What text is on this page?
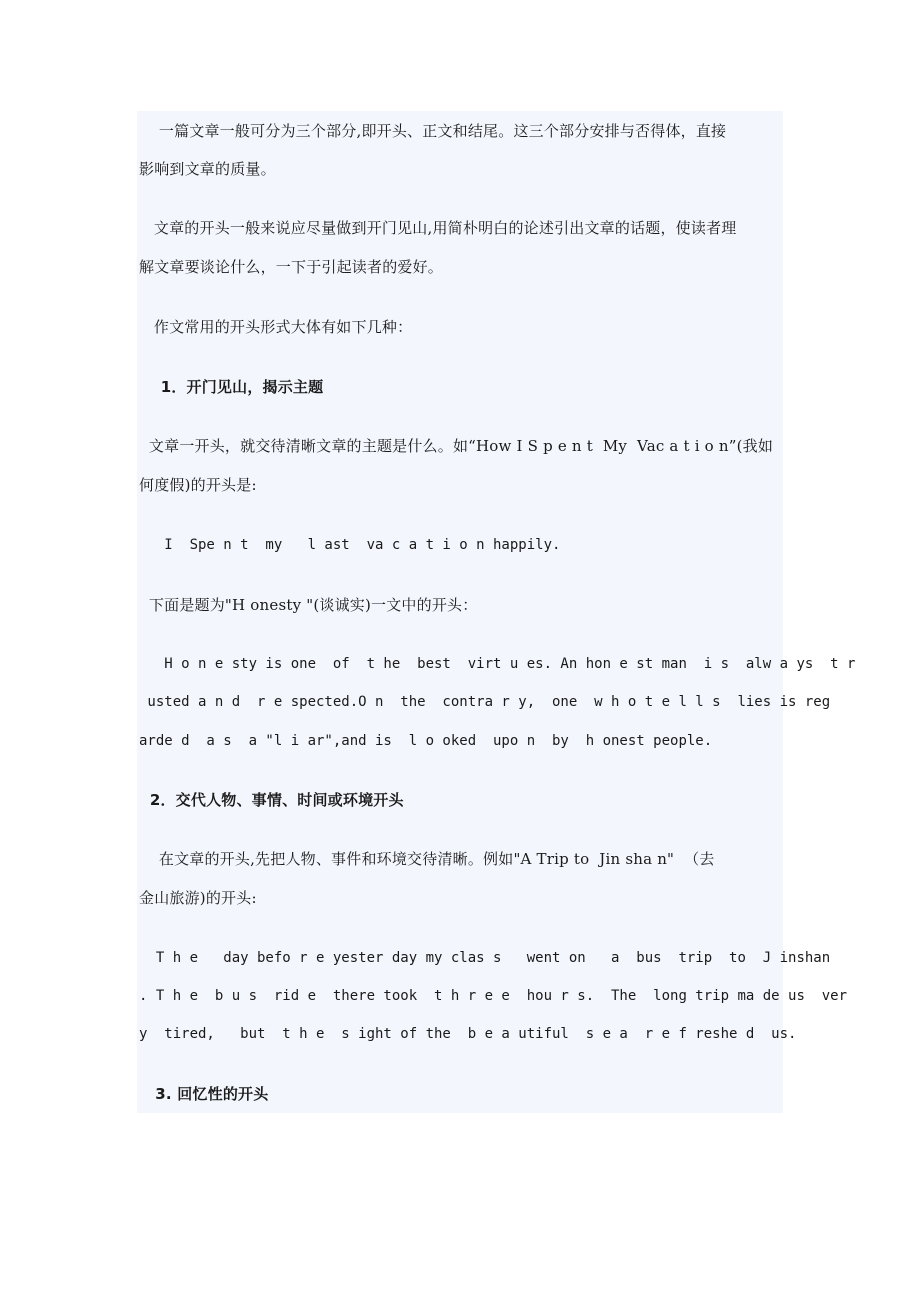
一篇文章一般可分为三个部分,即开头、正文和结尾。这三个部分安排与否得体，直接
影响到文章的质量。
文章的开头一般来说应尽量做到开门见山,用简朴明白的论述引出文章的话题，使读者理
解文章要谈论什么，一下于引起读者的爱好。
作文常用的开头形式大体有如下几种：
1．开门见山，揭示主题
文章一开头，就交待清晰文章的主题是什么。如“How I S p e n t  My  Vac a t i o n”(我如
何度假)的开头是:
I  Spe n t  my   l ast  va c a t i o n happily.
下面是题为"H onesty "(谈诚实)一文中的开头：
H o n e sty is one  of  t he  best  virt u es. An hon e st man  i s  alw a ys  t r
usted a n d  r e spected.O n  the  contra r y,  one  w h o t e l l s  lies is reg
arde d  a s  a "l i ar",and is  l o oked  upo n  by  h onest people.
2．交代人物、事情、时间或环境开头
在文章的开头,先把人物、事件和环境交待清晰。例如"A Trip to  Jin sha n"  （去
金山旅游)的开头:
T h e   day befo r e yester day my clas s   went on   a  bus  trip  to  J inshan
. T h e  b u s  rid e  there took  t h r e e  hou r s.  The  long trip ma de us  ver
y  tired,   but  t h e  s ight of the  b e a utiful  s e a  r e f reshe d  us.
3. 回忆性的开头
